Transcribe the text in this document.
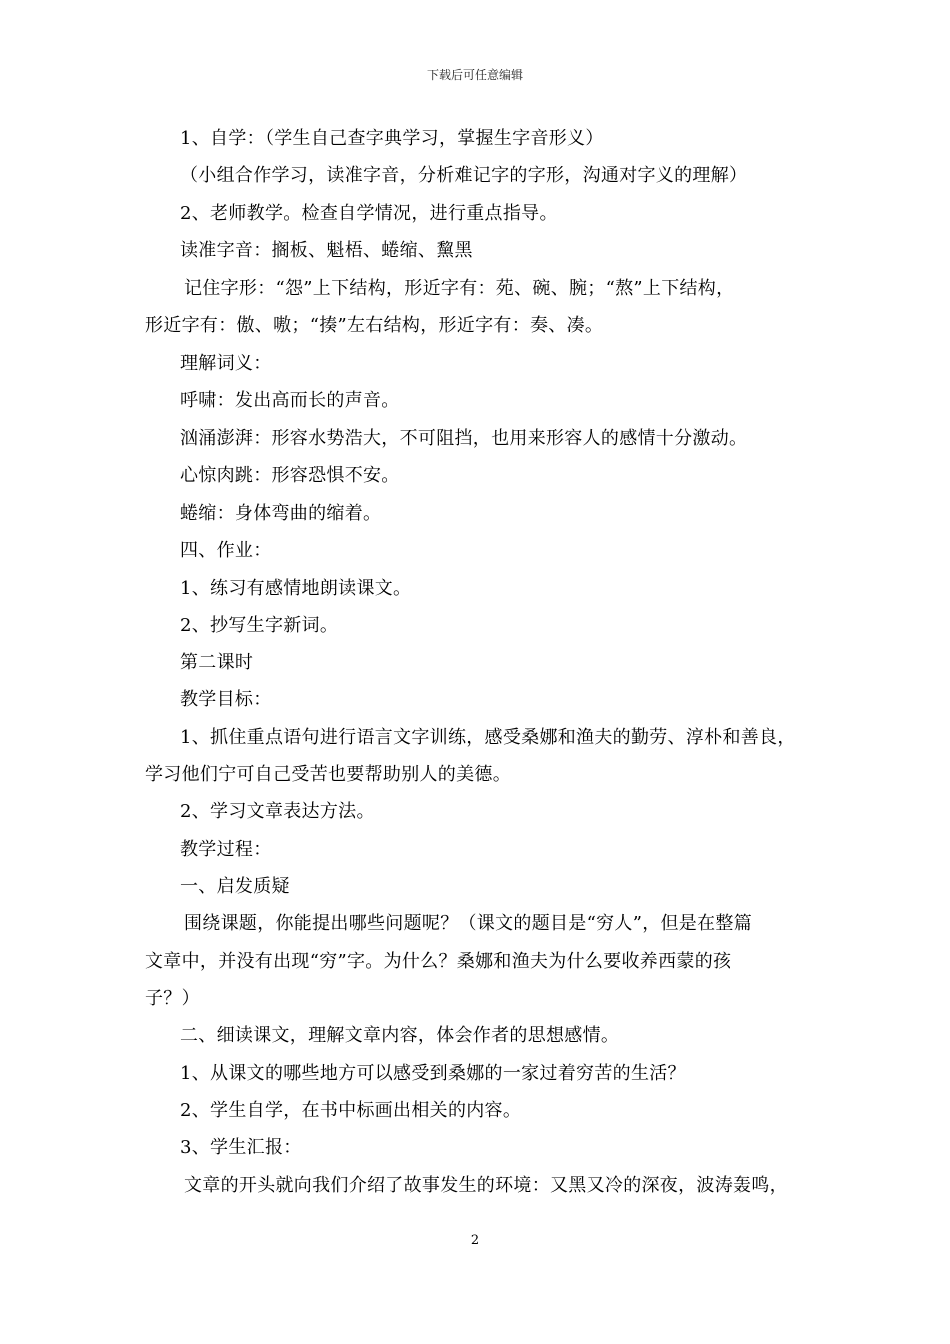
下载后可任意编辑
1、自学：（学生自己查字典学习，掌握生字音形义）
（小组合作学习，读准字音，分析难记字的字形，沟通对字义的理解）
2、老师教学。检查自学情况，进行重点指导。
读准字音：搁板、魁梧、蜷缩、黧黑
记住字形：“怨”上下结构，形近字有：苑、碗、腕；“熬”上下结构，
形近字有：傲、嗷；“揍”左右结构，形近字有：奏、凑。
理解词义：
呼啸：发出高而长的声音。
汹涌澎湃：形容水势浩大，不可阻挡，也用来形容人的感情十分激动。
心惊肉跳：形容恐惧不安。
蜷缩：身体弯曲的缩着。
四、作业：
1、练习有感情地朗读课文。
2、抄写生字新词。
第二课时
教学目标：
1、抓住重点语句进行语言文字训练，感受桑娜和渔夫的勤劳、淳朴和善良，
学习他们宁可自己受苦也要帮助别人的美德。
2、学习文章表达方法。
教学过程：
一、启发质疑
围绕课题，你能提出哪些问题呢？（课文的题目是“穷人”，但是在整篇
文章中，并没有出现“穷”字。为什么？桑娜和渔夫为什么要收养西蒙的孩
子？）
二、细读课文，理解文章内容，体会作者的思想感情。
1、从课文的哪些地方可以感受到桑娜的一家过着穷苦的生活？
2、学生自学，在书中标画出相关的内容。
3、学生汇报：
文章的开头就向我们介绍了故事发生的环境：又黑又冷的深夜，波涛轰鸣，
2
